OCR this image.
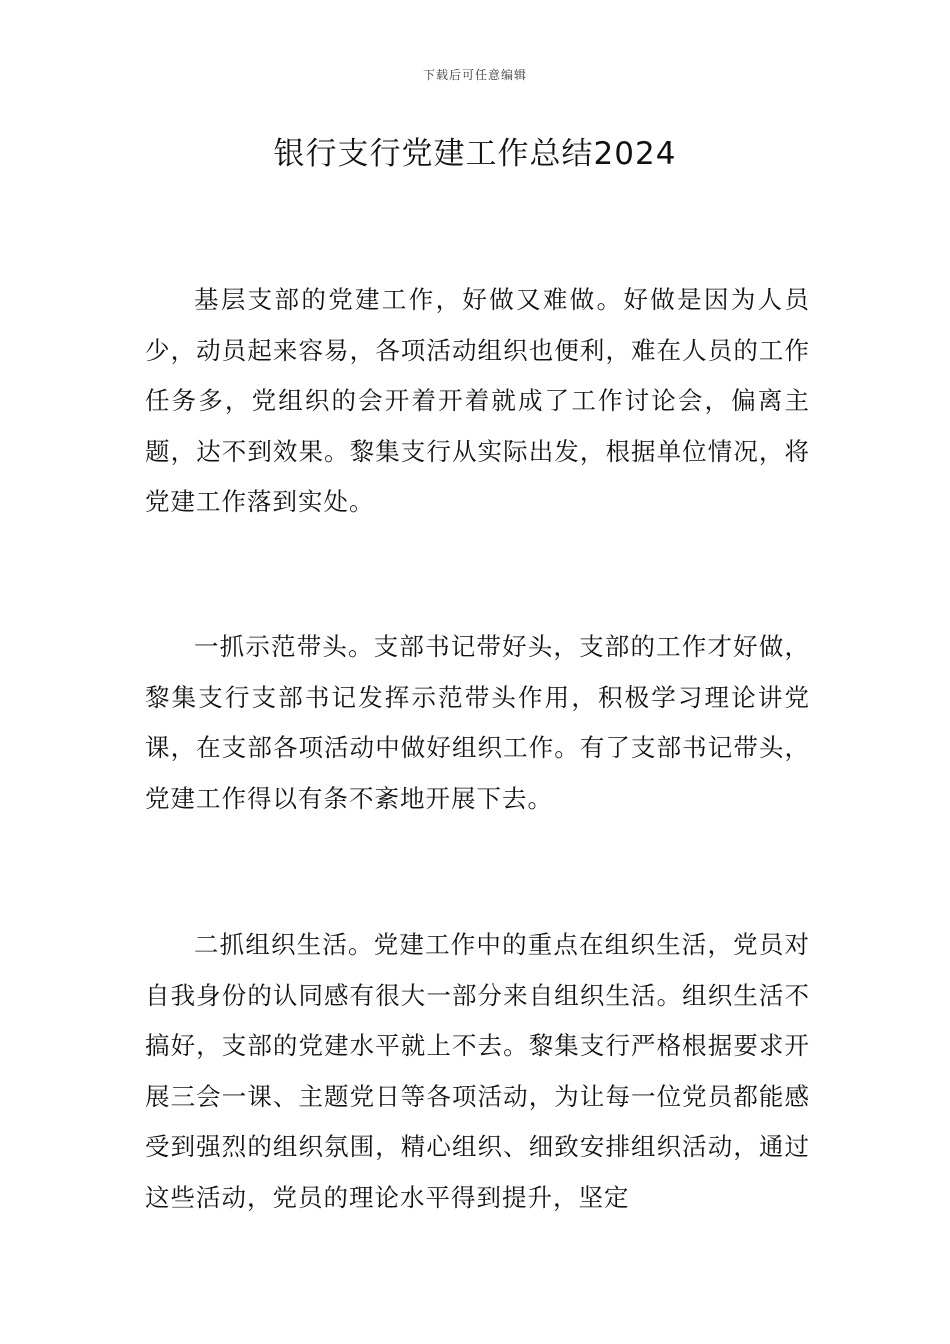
下载后可任意编辑
银行支行党建工作总结2024

基层支部的党建工作，好做又难做。好做是因为人员少，动员起来容易，各项活动组织也便利，难在人员的工作任务多，党组织的会开着开着就成了工作讨论会，偏离主题，达不到效果。黎集支行从实际出发，根据单位情况，将党建工作落到实处。

一抓示范带头。支部书记带好头，支部的工作才好做，黎集支行支部书记发挥示范带头作用，积极学习理论讲党课，在支部各项活动中做好组织工作。有了支部书记带头，党建工作得以有条不紊地开展下去。

二抓组织生活。党建工作中的重点在组织生活，党员对自我身份的认同感有很大一部分来自组织生活。组织生活不搞好，支部的党建水平就上不去。黎集支行严格根据要求开展三会一课、主题党日等各项活动，为让每一位党员都能感受到强烈的组织氛围，精心组织、细致安排组织活动，通过这些活动，党员的理论水平得到提升，坚定
